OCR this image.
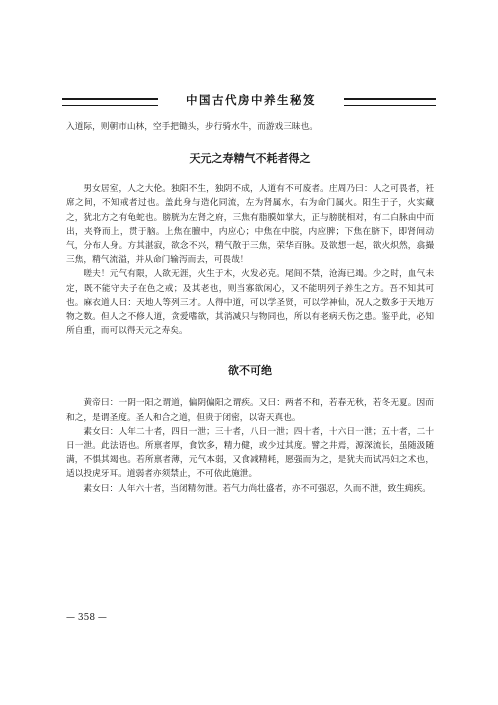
中国古代房中养生秘笈

入道际，则朝市山林，空手把锄头，步行骑水牛，而游戏三昧也。

天元之寿精气不耗者得之

男女居室，人之大伦。独阳不生，独阴不成，人道有不可废者。庄周乃曰：人之可畏者，衽席之间，不知戒者过也。盖此身与造化同流，左为肾属水，右为命门属火。阳生于子，火实藏之，犹北方之有龟蛇也。膀胱为左肾之府，三焦有脂膜如掌大，正与膀胱相对，有二白脉由中而出，夹脊而上，贯于脑。上焦在膻中，内应心；中焦在中脘，内应脾；下焦在脐下，即肾间动气，分布人身。方其湛寂，欲念不兴，精气散于三焦，荣华百脉。及欲想一起，欲火炽然，翕撮三焦，精气流溢，并从命门输泻而去，可畏哉！

嗟夫！元气有限，人欲无涯，火生于木，火发必克。尾闾不禁，沧海已竭。少之时，血气未定，既不能守夫子在色之戒；及其老也，则当寡欲闲心，又不能明列子养生之方。吾不知其可也。麻衣道人曰：天地人等列三才。人得中道，可以学圣贤，可以学神仙，况人之数多于天地万物之数。但人之不修人道，贪爱嗜欲，其消减只与物同也，所以有老病夭伤之患。鉴乎此，必知所自重，而可以得天元之寿矣。

欲不可绝

黄帝曰：一阴一阳之谓道，偏阴偏阳之谓疾。又曰：两者不和，若春无秋，若冬无夏。因而和之，是谓圣度。圣人和合之道，但贵于闭密，以寄天真也。

素女曰：人年二十者，四日一泄；三十者，八日一泄；四十者，十六日一泄；五十者，二十日一泄。此法语也。所禀者厚，食饮多，精力健，或少过其度。譬之井焉，源深流长，虽随汲随满，不惧其竭也。若所禀者薄，元气本弱，又食减精耗，愿强而为之，是犹夫而试冯妇之术也，适以投虎牙耳。道弱者亦须禁止，不可依此施泄。

素女曰：人年六十者，当闭精勿泄。若气力尚壮盛者，亦不可强忍，久而不泄，致生痈疾。

— 358 —
